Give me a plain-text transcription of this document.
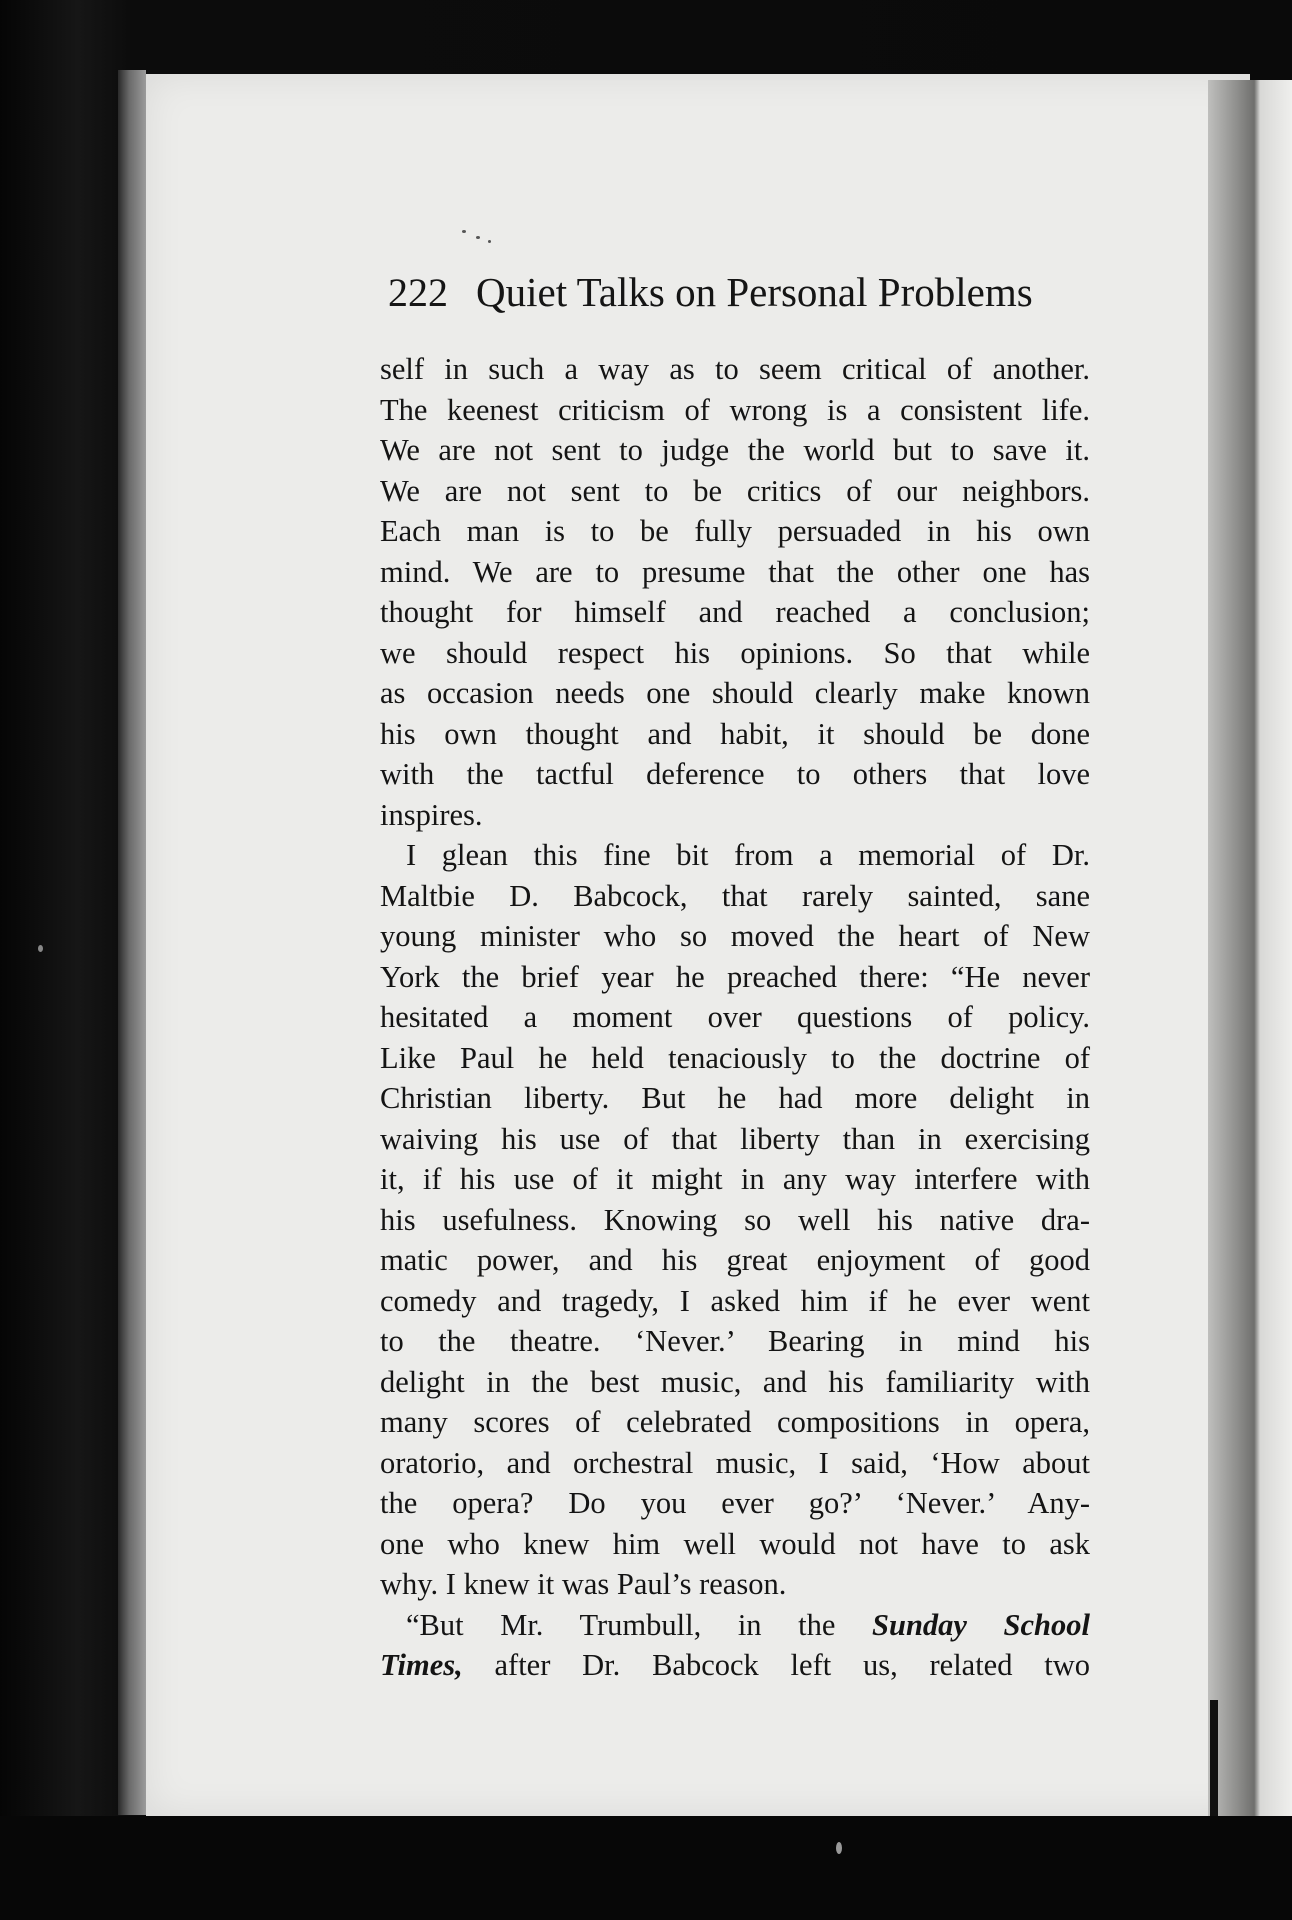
222 Quiet Talks on Personal Problems
self in such a way as to seem critical of another.
The keenest criticism of wrong is a consistent life.
We are not sent to judge the world but to save it.
We are not sent to be critics of our neighbors.
Each man is to be fully persuaded in his own
mind. We are to presume that the other one has
thought for himself and reached a conclusion;
we should respect his opinions. So that while
as occasion needs one should clearly make known
his own thought and habit, it should be done
with the tactful deference to others that love
inspires.
I glean this fine bit from a memorial of Dr.
Maltbie D. Babcock, that rarely sainted, sane
young minister who so moved the heart of New
York the brief year he preached there: “He never
hesitated a moment over questions of policy.
Like Paul he held tenaciously to the doctrine of
Christian liberty. But he had more delight in
waiving his use of that liberty than in exercising
it, if his use of it might in any way interfere with
his usefulness. Knowing so well his native dra-
matic power, and his great enjoyment of good
comedy and tragedy, I asked him if he ever went
to the theatre. ‘Never.’ Bearing in mind his
delight in the best music, and his familiarity with
many scores of celebrated compositions in opera,
oratorio, and orchestral music, I said, ‘How about
the opera? Do you ever go?’ ‘Never.’ Any-
one who knew him well would not have to ask
why. I knew it was Paul’s reason.
“But Mr. Trumbull, in the Sunday School
Times, after Dr. Babcock left us, related two
